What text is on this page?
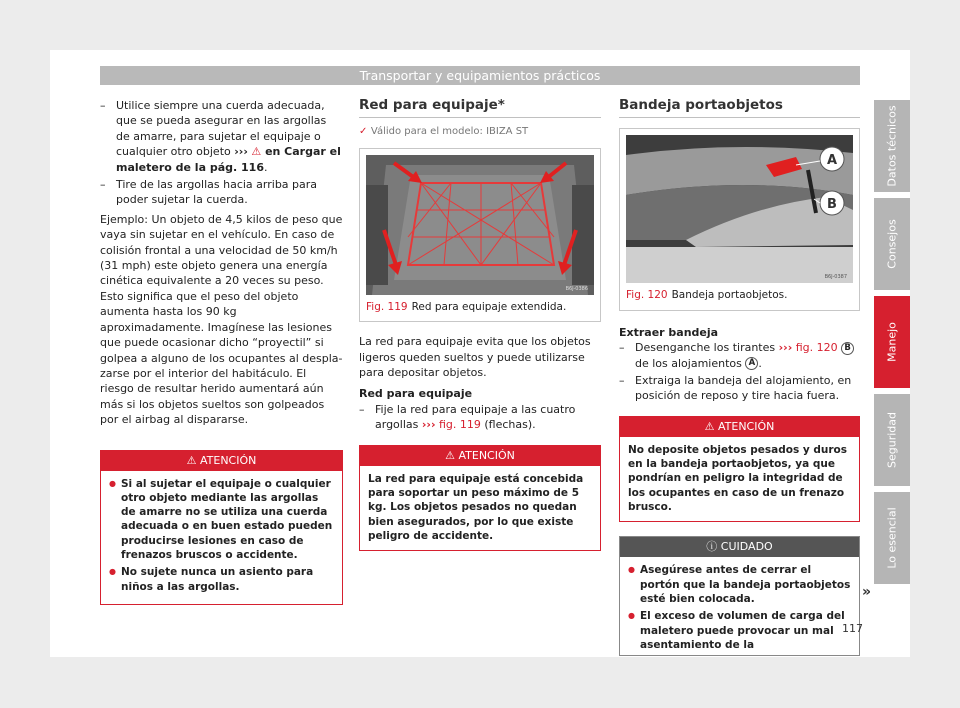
Transportar y equipamientos prácticos
– Utilice siempre una cuerda adecuada, que se pueda asegurar en las argollas de amarre, para sujetar el equipaje o cualquier otro objeto ››› ⚠ en Cargar el maletero de la pág. 116.
– Tire de las argollas hacia arriba para poder sujetar la cuerda.
Ejemplo: Un objeto de 4,5 kilos de peso que vaya sin sujetar en el vehículo. En caso de colisión frontal a una velocidad de 50 km/h (31 mph) este objeto genera una energía cinética equivalente a 20 veces su peso. Esto significa que el peso del objeto aumenta hasta los 90 kg aproximadamente. Imagínese las lesiones que puede ocasionar dicho “proyectil” si golpea a alguno de los ocupantes al desplazarse por el interior del habitáculo. El riesgo de resultar herido aumentará aún más si los objetos sueltos son golpeados por el airbag al dispararse.
⚠ ATENCIÓN
● Si al sujetar el equipaje o cualquier otro objeto mediante las argollas de amarre no se utiliza una cuerda adecuada o en buen estado pueden producirse lesiones en caso de frenazos bruscos o accidente.
● No sujete nunca un asiento para niños a las argollas.
Red para equipaje*
✓ Válido para el modelo: IBIZA ST
B6J-0386
Fig. 119 Red para equipaje extendida.
La red para equipaje evita que los objetos ligeros queden sueltos y puede utilizarse para depositar objetos.
Red para equipaje
– Fije la red para equipaje a las cuatro argollas ››› fig. 119 (flechas).
⚠ ATENCIÓN
La red para equipaje está concebida para soportar un peso máximo de 5 kg. Los objetos pesados no quedan bien asegurados, por lo que existe peligro de accidente.
Bandeja portaobjetos
A
B
B6J-0387
Fig. 120 Bandeja portaobjetos.
Extraer bandeja
– Desenganche los tirantes ››› fig. 120 B de los alojamientos A .
– Extraiga la bandeja del alojamiento, en posición de reposo y tire hacia fuera.
⚠ ATENCIÓN
No deposite objetos pesados y duros en la bandeja portaobjetos, ya que pondrían en peligro la integridad de los ocupantes en caso de un frenazo brusco.
ⓘ CUIDADO
● Asegúrese antes de cerrar el portón que la bandeja portaobjetos esté bien colocada.
● El exceso de volumen de carga del maletero puede provocar un mal asentamiento de la
Datos técnicos
Consejos
Manejo
Seguridad
Lo esencial
»
117
